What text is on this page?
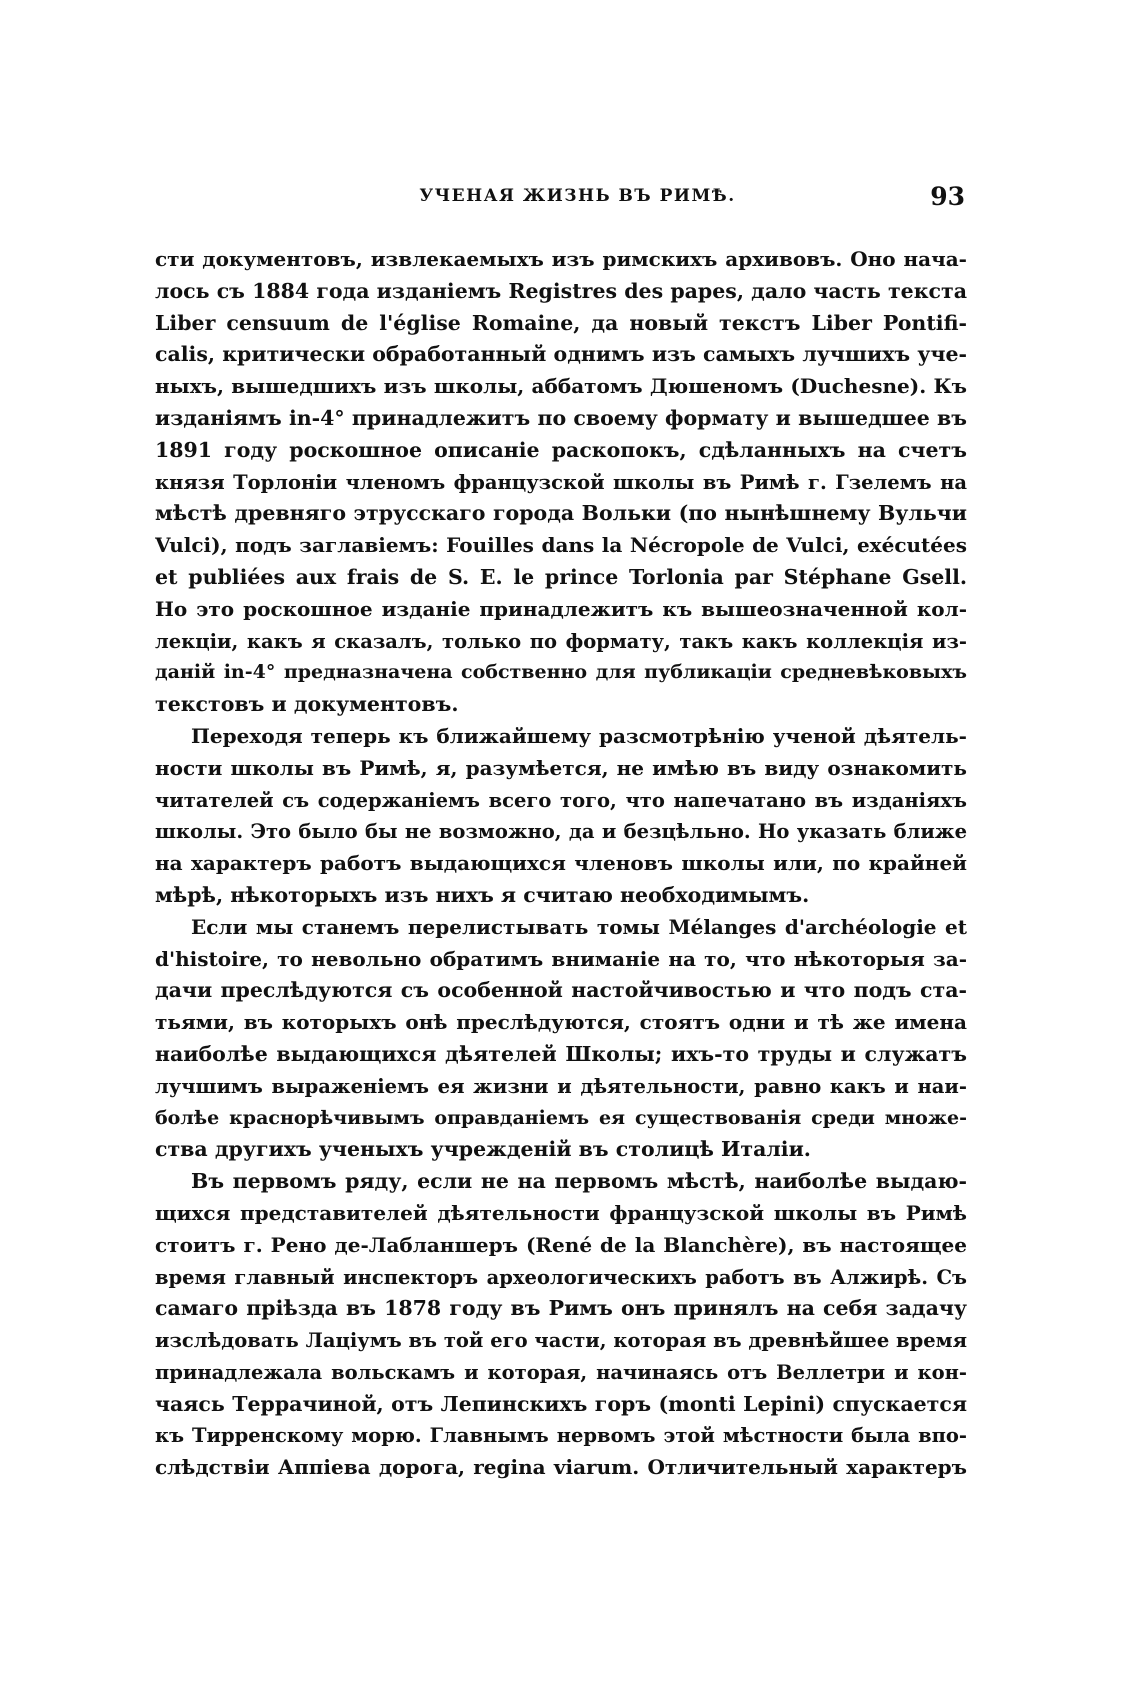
УЧЕНАЯ ЖИЗНЬ ВЪ РИМѢ.	93
сти документовъ, извлекаемыхъ изъ римскихъ архивовъ. Оно нача-
лось съ 1884 года изданіемъ Registres des papes, дало часть текста
Liber censuum de l'église Romaine, да новый текстъ Liber Pontifi-
calis, критически обработанный однимъ изъ самыхъ лучшихъ уче-
ныхъ, вышедшихъ изъ школы, аббатомъ Дюшеномъ (Duchesne). Къ
изданіямъ in-4° принадлежитъ по своему формату и вышедшее въ
1891 году роскошное описаніе раскопокъ, сдѣланныхъ на счетъ
князя Торлоніи членомъ французской школы въ Римѣ г. Гзелемъ на
мѣстѣ древняго этрусскаго города Вольки (по нынѣшнему Вульчи
Vulci), подъ заглавіемъ: Fouilles dans la Nécropole de Vulci, exécutées
et publiées aux frais de S. E. le prince Torlonia par Stéphane Gsell.
Но это роскошное изданіе принадлежитъ къ вышеозначенной кол-
лекціи, какъ я сказалъ, только по формату, такъ какъ коллекція из-
даній in-4° предназначена собственно для публикаціи средневѣковыхъ
текстовъ и документовъ.
Переходя теперь къ ближайшему разсмотрѣнію ученой дѣятель-
ности школы въ Римѣ, я, разумѣется, не имѣю въ виду ознакомить
читателей съ содержаніемъ всего того, что напечатано въ изданіяхъ
школы. Это было бы не возможно, да и безцѣльно. Но указать ближе
на характеръ работъ выдающихся членовъ школы или, по крайней
мѣрѣ, нѣкоторыхъ изъ нихъ я считаю необходимымъ.
Если мы станемъ перелистывать томы Mélanges d'archéologie et
d'histoire, то невольно обратимъ вниманіе на то, что нѣкоторыя за-
дачи преслѣдуются съ особенной настойчивостью и что подъ ста-
тьями, въ которыхъ онѣ преслѣдуются, стоятъ одни и тѣ же имена
наиболѣе выдающихся дѣятелей Школы; ихъ-то труды и служатъ
лучшимъ выраженіемъ ея жизни и дѣятельности, равно какъ и наи-
болѣе краснорѣчивымъ оправданіемъ ея существованія среди множе-
ства другихъ ученыхъ учрежденій въ столицѣ Италіи.
Въ первомъ ряду, если не на первомъ мѣстѣ, наиболѣе выдаю-
щихся представителей дѣятельности французской школы въ Римѣ
стоитъ г. Рено де-Лабланшеръ (René de la Blanchère), въ настоящее
время главный инспекторъ археологическихъ работъ въ Алжирѣ. Съ
самаго пріѣзда въ 1878 году въ Римъ онъ принялъ на себя задачу
изслѣдовать Лаціумъ въ той его части, которая въ древнѣйшее время
принадлежала вольскамъ и которая, начинаясь отъ Веллетри и кон-
чаясь Террачиной, отъ Лепинскихъ горъ (monti Lepini) спускается
къ Тирренскому морю. Главнымъ нервомъ этой мѣстности была впо-
слѣдствіи Аппіева дорога, regina viarum. Отличительный характеръ
